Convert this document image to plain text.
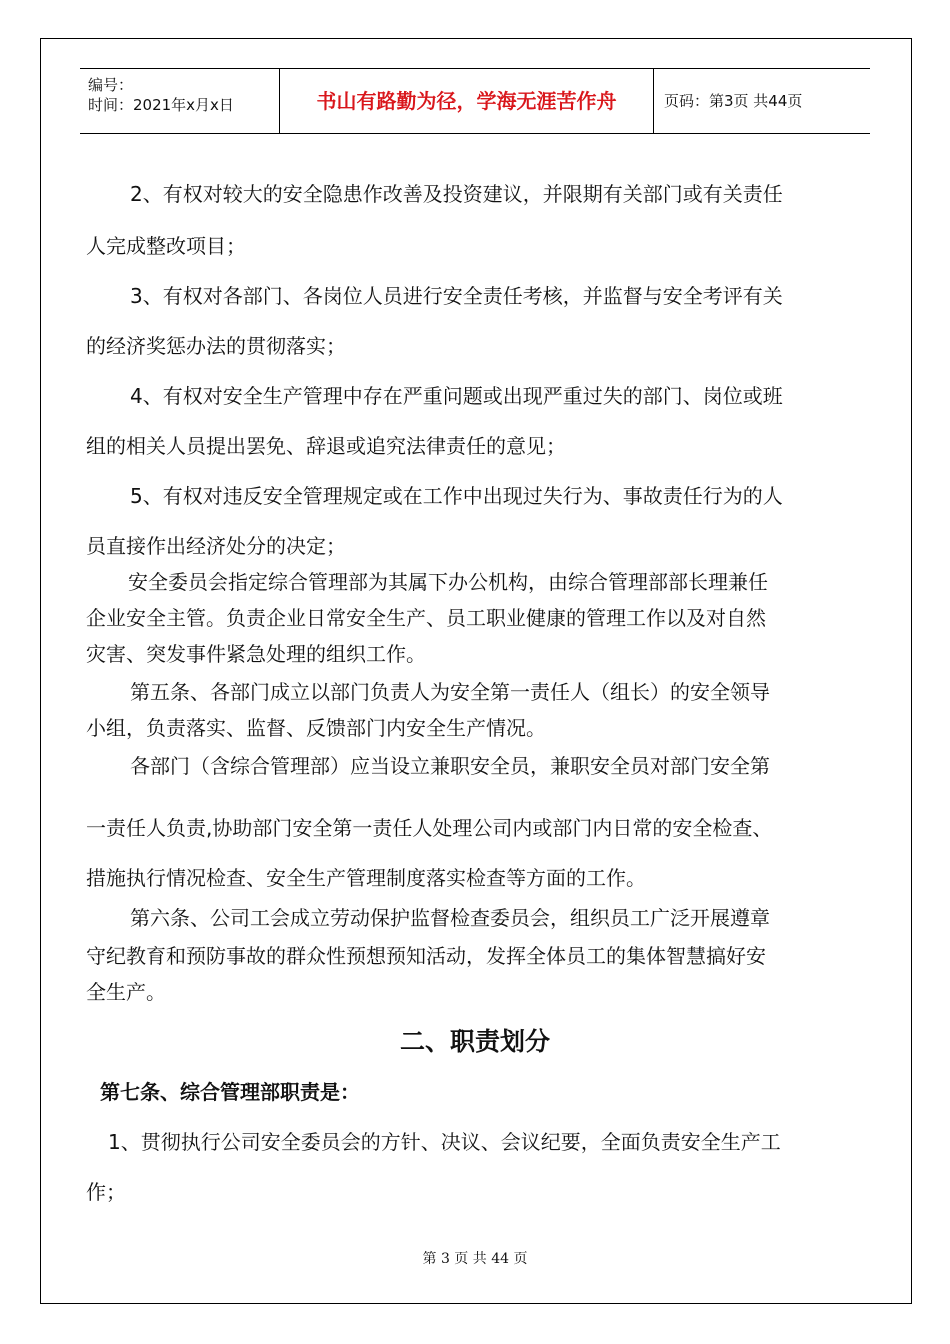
编号：
时间：2021年x月x日	书山有路勤为径，学海无涯苦作舟	页码：第3页 共44页
2、有权对较大的安全隐患作改善及投资建议，并限期有关部门或有关责任
人完成整改项目；
3、有权对各部门、各岗位人员进行安全责任考核，并监督与安全考评有关
的经济奖惩办法的贯彻落实；
4、有权对安全生产管理中存在严重问题或出现严重过失的部门、岗位或班
组的相关人员提出罢免、辞退或追究法律责任的意见；
5、有权对违反安全管理规定或在工作中出现过失行为、事故责任行为的人
员直接作出经济处分的决定；
安全委员会指定综合管理部为其属下办公机构，由综合管理部部长理兼任
企业安全主管。负责企业日常安全生产、员工职业健康的管理工作以及对自然
灾害、突发事件紧急处理的组织工作。
第五条、各部门成立以部门负责人为安全第一责任人（组长）的安全领导
小组，负责落实、监督、反馈部门内安全生产情况。
各部门（含综合管理部）应当设立兼职安全员，兼职安全员对部门安全第
一责任人负责,协助部门安全第一责任人处理公司内或部门内日常的安全检查、
措施执行情况检查、安全生产管理制度落实检查等方面的工作。
第六条、公司工会成立劳动保护监督检查委员会，组织员工广泛开展遵章
守纪教育和预防事故的群众性预想预知活动，发挥全体员工的集体智慧搞好安
全生产。
二、职责划分
第七条、综合管理部职责是：
1、贯彻执行公司安全委员会的方针、决议、会议纪要，全面负责安全生产工
作；
第 3 页 共 44 页
